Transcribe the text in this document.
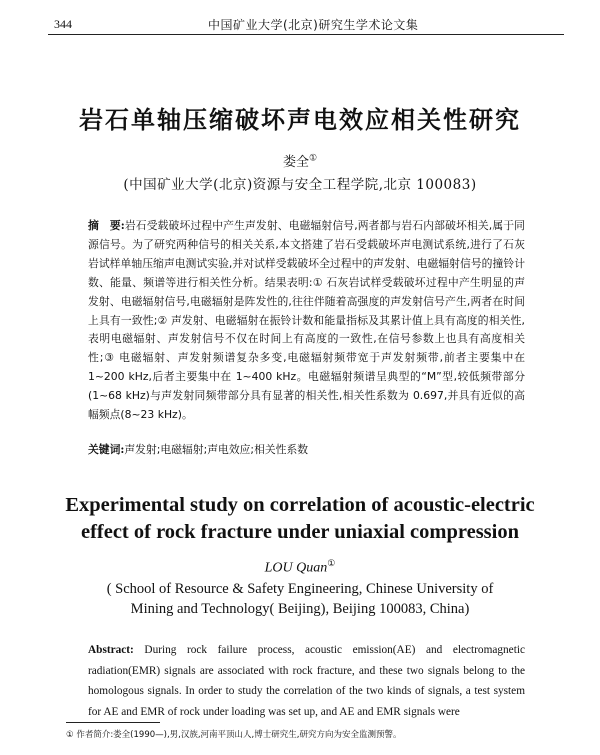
344	中国矿业大学(北京)研究生学术论文集
岩石单轴压缩破坏声电效应相关性研究
娄全①
(中国矿业大学(北京)资源与安全工程学院,北京 100083)
摘　要:岩石受载破坏过程中产生声发射、电磁辐射信号,两者都与岩石内部破坏相关,属于同源信号。为了研究两种信号的相关关系,本文搭建了岩石受载破坏声电测试系统,进行了石灰岩试样单轴压缩声电测试实验,并对试样受载破坏全过程中的声发射、电磁辐射信号的撞铃计数、能量、频谱等进行相关性分析。结果表明:① 石灰岩试样受载破坏过程中产生明显的声发射、电磁辐射信号,电磁辐射是阵发性的,往往伴随着高强度的声发射信号产生,两者在时间上具有一致性;② 声发射、电磁辐射在振铃计数和能量指标及其累计值上具有高度的相关性,表明电磁辐射、声发射信号不仅在时间上有高度的一致性,在信号参数上也具有高度相关性;③ 电磁辐射、声发射频谱复杂多变,电磁辐射频带宽于声发射频带,前者主要集中在 1~200 kHz,后者主要集中在 1~400 kHz。电磁辐射频谱呈典型的“M”型,较低频带部分(1~68 kHz)与声发射同频带部分具有显著的相关性,相关性系数为 0.697,并具有近似的高幅频点(8~23 kHz)。
关键词:声发射;电磁辐射;声电效应;相关性系数
Experimental study on correlation of acoustic-electric
effect of rock fracture under uniaxial compression
LOU Quan①
( School of Resource & Safety Engineering, Chinese University of
Mining and Technology( Beijing), Beijing 100083, China)
Abstract: During rock failure process, acoustic emission(AE) and electromagnetic radiation(EMR) signals are associated with rock fracture, and these two signals belong to the homologous signals. In order to study the correlation of the two kinds of signals, a test system for AE and EMR of rock under loading was set up, and AE and EMR signals were
① 作者简介:娄全(1990—),男,汉族,河南平顶山人,博士研究生,研究方向为安全监测预警。
